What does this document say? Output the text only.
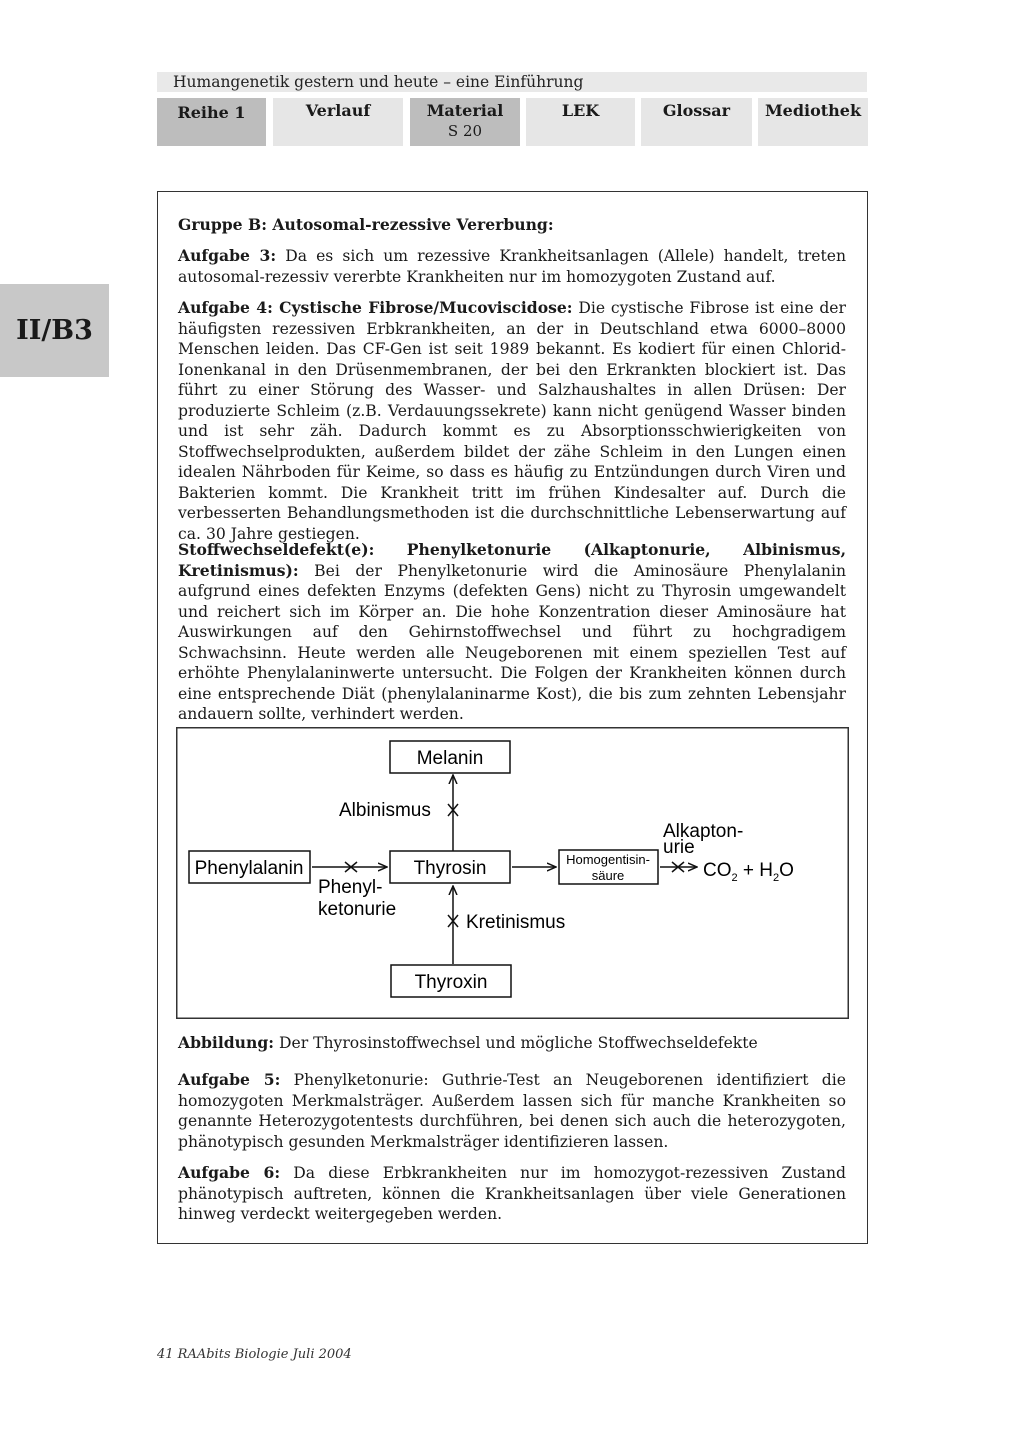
Humangenetik gestern und heute – eine Einführung
Reihe 1	Verlauf	Material
S 20
LEK	Glossar	Mediothek
II/B3
Gruppe B: Autosomal-rezessive Vererbung:
Aufgabe 3: Da es sich um rezessive Krankheitsanlagen (Allele) handelt, treten autosomal-rezessiv vererbte Krankheiten nur im homozygoten Zustand auf.
Aufgabe 4: Cystische Fibrose/Mucoviscidose: Die cystische Fibrose ist eine der häufigsten rezessiven Erbkrankheiten, an der in Deutschland etwa 6000–8000 Menschen leiden. Das CF-Gen ist seit 1989 bekannt. Es kodiert für einen Chlorid-Ionenkanal in den Drüsenmembranen, der bei den Erkrankten blockiert ist. Das führt zu einer Störung des Wasser- und Salzhaushaltes in allen Drüsen: Der produzierte Schleim (z.B. Verdauungssekrete) kann nicht genügend Wasser binden und ist sehr zäh. Dadurch kommt es zu Absorptionsschwierigkeiten von Stoffwechselprodukten, außerdem bildet der zähe Schleim in den Lungen einen idealen Nährboden für Keime, so dass es häufig zu Entzündungen durch Viren und Bakterien kommt. Die Krankheit tritt im frühen Kindesalter auf. Durch die verbesserten Behandlungsmethoden ist die durchschnittliche Lebenserwartung auf ca. 30 Jahre gestiegen.
Stoffwechseldefekt(e): Phenylketonurie (Alkaptonurie, Albinismus, Kretinismus): Bei der Phenylketonurie wird die Aminosäure Phenylalanin aufgrund eines defekten Enzyms (defekten Gens) nicht zu Thyrosin umgewandelt und reichert sich im Körper an. Die hohe Konzentration dieser Aminosäure hat Auswirkungen auf den Gehirnstoffwechsel und führt zu hochgradigem Schwachsinn. Heute werden alle Neugeborenen mit einem speziellen Test auf erhöhte Phenylalaninwerte untersucht. Die Folgen der Krankheiten können durch eine entsprechende Diät (phenylalaninarme Kost), die bis zum zehnten Lebensjahr andauern sollte, verhindert werden.
Melanin
Albinismus
Phenylalanin
Phenyl-
ketonurie
Thyrosin	Homogentisin-
säure
Alkapton-
urie
$CO_2 + H_2O$
Kretinismus
Thyroxin
Abbildung: Der Thyrosinstoffwechsel und mögliche Stoffwechseldefekte
Aufgabe 5: Phenylketonurie: Guthrie-Test an Neugeborenen identifiziert die homozygoten Merkmalsträger. Außerdem lassen sich für manche Krankheiten so genannte Heterozygotentests durchführen, bei denen sich auch die heterozygoten, phänotypisch gesunden Merkmalsträger identifizieren lassen.
Aufgabe 6: Da diese Erbkrankheiten nur im homozygot-rezessiven Zustand phänotypisch auftreten, können die Krankheitsanlagen über viele Generationen hinweg verdeckt weitergegeben werden.
41 RAAbits Biologie Juli 2004
